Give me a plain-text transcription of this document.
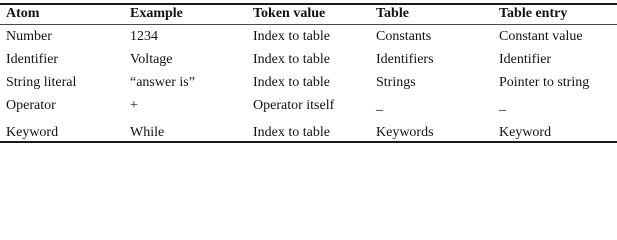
Atom	Example	Token value	Table	Table entry
Number	1234	Index to table	Constants	Constant value
Identifier	Voltage	Index to table	Identifiers	Identifier
String literal	“answer is”	Index to table	Strings	Pointer to string
Operator	+	Operator itself	_	_
Keyword	While	Index to table	Keywords	Keyword
